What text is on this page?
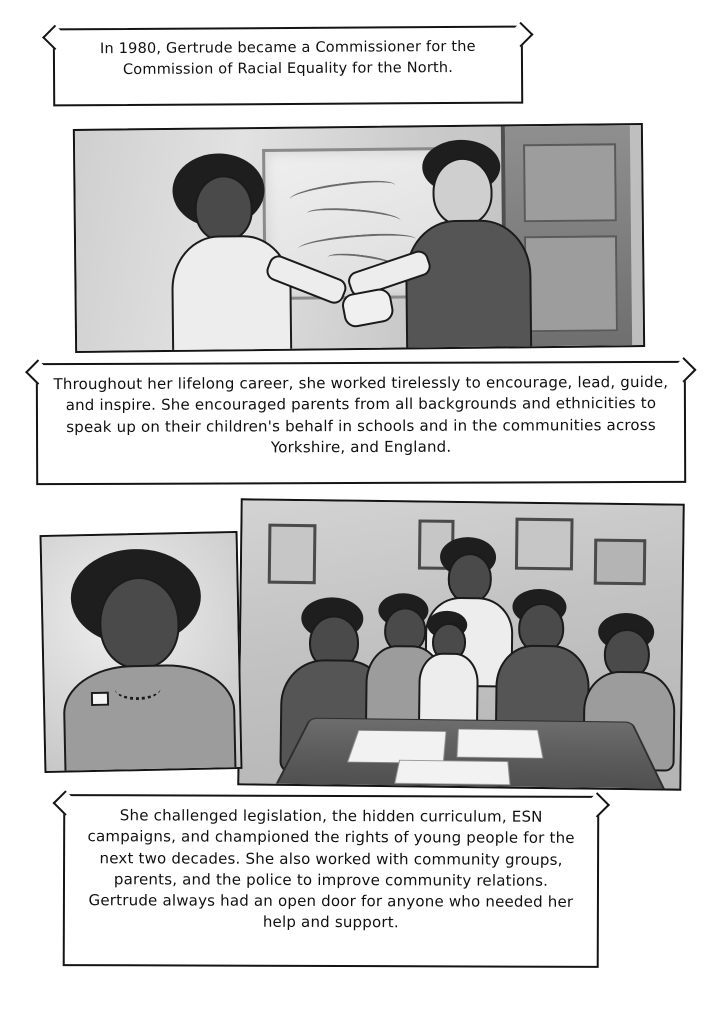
In 1980, Gertrude became a Commissioner for the Commission of Racial Equality for the North.

Throughout her lifelong career, she worked tirelessly to encourage, lead, guide, and inspire. She encouraged parents from all backgrounds and ethnicities to speak up on their children's behalf in schools and in the communities across Yorkshire, and England.

She challenged legislation, the hidden curriculum, ESN campaigns, and championed the rights of young people for the next two decades. She also worked with community groups, parents, and the police to improve community relations. Gertrude always had an open door for anyone who needed her help and support.
